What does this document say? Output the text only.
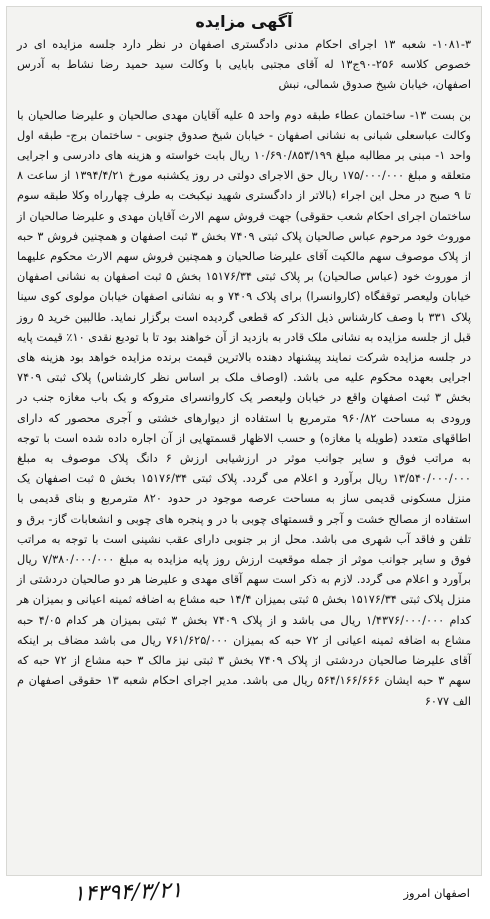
آگهی مزایده

۱۰۸۱-۳- شعبه ۱۳ اجرای احکام مدنی دادگستری اصفهان در نظر دارد جلسه مزایده ای در خصوص کلاسه ۲۵۶-۹۰ج۱۳ له آقای مجتبی بابایی با وکالت سید حمید رضا نشاط به آدرس اصفهان، خیابان شیخ صدوق شمالی، نبش

بن بست ۱۳- ساختمان عطاء طبقه دوم واحد ۵ علیه آقایان مهدی صالحیان و علیرضا صالحیان با وکالت عباسعلی شبانی به نشانی اصفهان - خیابان شیخ صدوق جنوبی - ساختمان برج- طبقه اول واحد ۱- مبنی بر مطالبه مبلغ ۱۰/۶۹۰/۸۵۳/۱۹۹ ریال بابت خواسته و هزینه های دادرسی و اجرایی متعلقه و مبلغ ۱۷۵/۰۰۰/۰۰۰ ریال حق الاجرای دولتی در روز یکشنبه مورخ ۱۳۹۴/۴/۲۱ از ساعت ۸ تا ۹ صبح در محل این اجراء (بالاتر از دادگستری شهید نیکبخت به طرف چهارراه وکلا طبقه سوم ساختمان اجرای احکام شعب حقوقی) جهت فروش سهم الارث آقایان مهدی و علیرضا صالحیان از موروث خود مرحوم عباس صالحیان پلاک ثبتی ۷۴۰۹ بخش ۳ ثبت اصفهان و همچنین فروش ۳ حبه از پلاک موصوف سهم مالکیت آقای علیرضا صالحیان و همچنین فروش سهم الارث محکوم علیهما از موروث خود (عباس صالحیان) بر پلاک ثبتی ۱۵۱۷۶/۳۴ بخش ۵ ثبت اصفهان به نشانی اصفهان خیابان ولیعصر توقفگاه (کاروانسرا) برای پلاک ۷۴۰۹ و به نشانی اصفهان خیابان مولوی کوی سینا پلاک ۳۳۱ با وصف کارشناس ذیل الذکر که قطعی گردیده است برگزار نماید. طالبین خرید ۵ روز قبل از جلسه مزایده به نشانی ملک قادر به بازدید از آن خواهند بود تا با تودیع نقدی ۱۰٪ قیمت پایه در جلسه مزایده شرکت نمایند پیشنهاد دهنده بالاترین قیمت برنده مزایده خواهد بود هزینه های اجرایی بعهده محکوم علیه می باشد. (اوصاف ملک بر اساس نظر کارشناس) پلاک ثبتی ۷۴۰۹ بخش ۳ ثبت اصفهان واقع در خیابان ولیعصر یک کاروانسرای متروکه و یک باب مغازه جنب در ورودی به مساحت ۹۶۰/۸۲ مترمربع با استفاده از دیوارهای خشتی و آجری محصور که دارای اطاقهای متعدد (طویله یا مغازه) و حسب الاظهار قسمتهایی از آن اجاره داده شده است با توجه به مراتب فوق و سایر جوانب موثر در ارزشیابی ارزش ۶ دانگ پلاک موصوف به مبلغ ۱۳/۵۴۰/۰۰۰/۰۰۰ ریال برآورد و اعلام می گردد. پلاک ثبتی ۱۵۱۷۶/۳۴ بخش ۵ ثبت اصفهان یک منزل مسکونی قدیمی ساز به مساحت عرصه موجود در حدود ۸۲۰ مترمربع و بنای قدیمی با استفاده از مصالح خشت و آجر و قسمتهای چوبی با در و پنجره های چوبی و انشعابات گاز- برق و تلفن و فاقد آب شهری می باشد. محل از بر جنوبی دارای عقب نشینی است با توجه به مراتب فوق و سایر جوانب موثر از جمله موقعیت ارزش روز پایه مزایده به مبلغ ۷/۳۸۰/۰۰۰/۰۰۰ ریال برآورد و اعلام می گردد. لازم به ذکر است سهم آقای مهدی و علیرضا هر دو صالحیان دردشتی از منزل پلاک ثبتی ۱۵۱۷۶/۳۴ بخش ۵ ثبتی بمیزان ۱۴/۴ حبه مشاع به اضافه ثمینه اعیانی و بمیزان هر کدام ۱/۴۳۷۶/۰۰۰/۰۰۰ ریال می باشد و از پلاک ۷۴۰۹ بخش ۳ ثبتی بمیزان هر کدام ۴/۰۵ حبه مشاع به اضافه ثمینه اعیانی از ۷۲ حبه که بمیزان ۷۶۱/۶۲۵/۰۰۰ ریال می باشد مضاف بر اینکه آقای علیرضا صالحیان دردشتی از پلاک ۷۴۰۹ بخش ۳ ثبتی نیز مالک ۳ حبه مشاع از ۷۲ حبه که سهم ۳ حبه ایشان ۵۶۴/۱۶۶/۶۶۶ ریال می باشد. مدیر اجرای احکام شعبه ۱۳ حقوقی اصفهان م الف ۶۰۷۷

اصفهان امروز
۱۴۳۹۴/۳/۲۱
